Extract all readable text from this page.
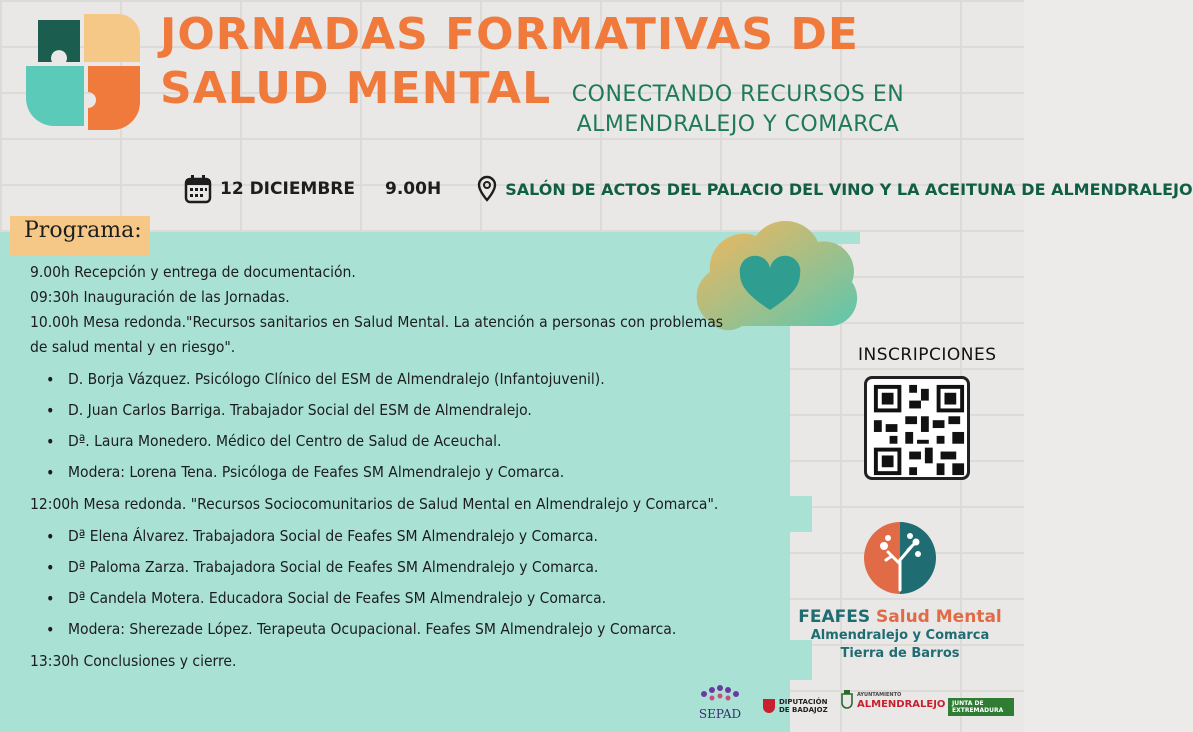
JORNADAS FORMATIVAS DE
SALUD MENTAL CONECTANDO RECURSOS EN
ALMENDRALEJO Y COMARCA
12 DICIEMBRE 9.00H	SALÓN DE ACTOS DEL PALACIO DEL VINO Y LA ACEITUNA DE ALMENDRALEJO
Programa:

9.00h Recepción y entrega de documentación.

09:30h Inauguración de las Jornadas.

10.00h Mesa redonda."Recursos sanitarios en Salud Mental. La atención a personas con problemas de salud mental y en riesgo".

• D. Borja Vázquez. Psicólogo Clínico del ESM de Almendralejo (Infantojuvenil).
• D. Juan Carlos Barriga. Trabajador Social del ESM de Almendralejo.
• Dª. Laura Monedero. Médico del Centro de Salud de Aceuchal.
• Modera: Lorena Tena. Psicóloga de Feafes SM Almendralejo y Comarca.

12:00h Mesa redonda. "Recursos Sociocomunitarios de Salud Mental en Almendralejo y Comarca".

• Dª Elena Álvarez. Trabajadora Social de Feafes SM Almendralejo y Comarca.
• Dª Paloma Zarza. Trabajadora Social de Feafes SM Almendralejo y Comarca.
• Dª Candela Motera. Educadora Social de Feafes SM Almendralejo y Comarca.
• Modera: Sherezade López. Terapeuta Ocupacional. Feafes SM Almendralejo y Comarca.

13:30h Conclusiones y cierre.

INSCRIPCIONES
FEAFES Salud Mental
Almendralejo y Comarca
Tierra de Barros
SEPAD
DIPUTACIÓN
DE BADAJOZ
AYUNTAMIENTO
ALMENDRALEJO	JUNTA DE EXTREMADURA
